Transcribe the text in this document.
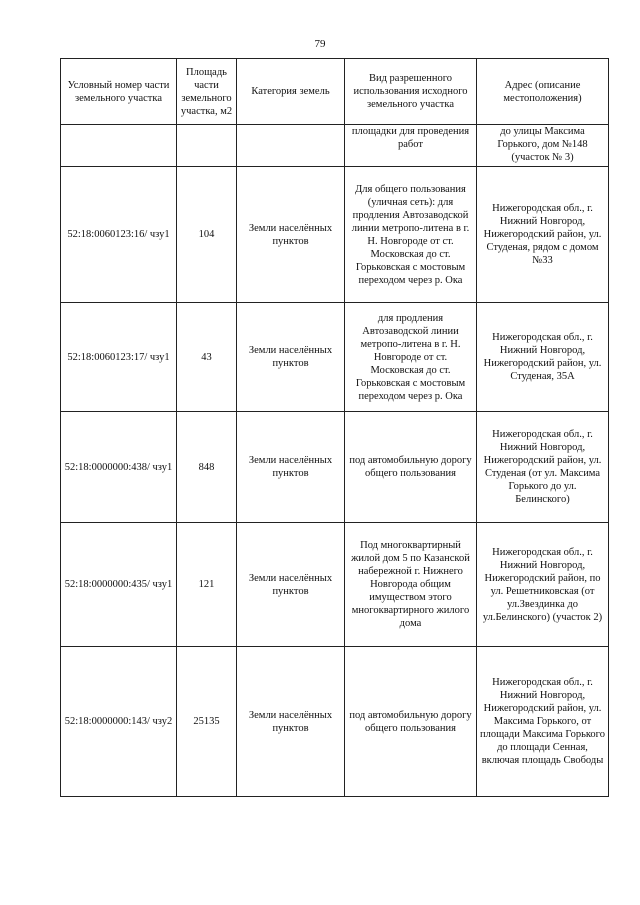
79
Условный номер части земельного участка	Площадь части земельного участка, м2	Категория земель	Вид разрешенного использования исходного земельного участка	Адрес (описание местоположения)
			площадки для проведения работ	до улицы Максима Горького, дом №148 (участок № 3)
52:18:0060123:16/ чзу1	104	Земли населённых пунктов	Для общего пользования (уличная сеть): для продления Автозаводской линии метропо-литена в г. Н. Новгороде от ст. Московская до ст. Горьковская с мостовым переходом через р. Ока	Нижегородская обл., г. Нижний Новгород, Нижегородский район, ул. Студеная, рядом с домом №33
52:18:0060123:17/ чзу1	43	Земли населённых пунктов	для продления Автозаводской линии метропо-литена в г. Н. Новгороде от ст. Московская до ст. Горьковская с мостовым переходом через р. Ока	Нижегородская обл., г. Нижний Новгород, Нижегородский район, ул. Студеная, 35А
52:18:0000000:438/ чзу1	848	Земли населённых пунктов	под автомобильную дорогу общего пользования	Нижегородская обл., г. Нижний Новгород, Нижегородский район, ул. Студеная (от ул. Максима Горького до ул. Белинского)
52:18:0000000:435/ чзу1	121	Земли населённых пунктов	Под многоквартирный жилой дом 5 по Казанской набережной г. Нижнего Новгорода общим имуществом этого многоквартирного жилого дома	Нижегородская обл., г. Нижний Новгород, Нижегородский район, по ул. Решетниковская (от ул.Звездинка до ул.Белинского) (участок 2)
52:18:0000000:143/ чзу2	25135	Земли населённых пунктов	под автомобильную дорогу общего пользования	Нижегородская обл., г. Нижний Новгород, Нижегородский район, ул. Максима Горького, от площади Максима Горького до площади Сенная, включая площадь Свободы
